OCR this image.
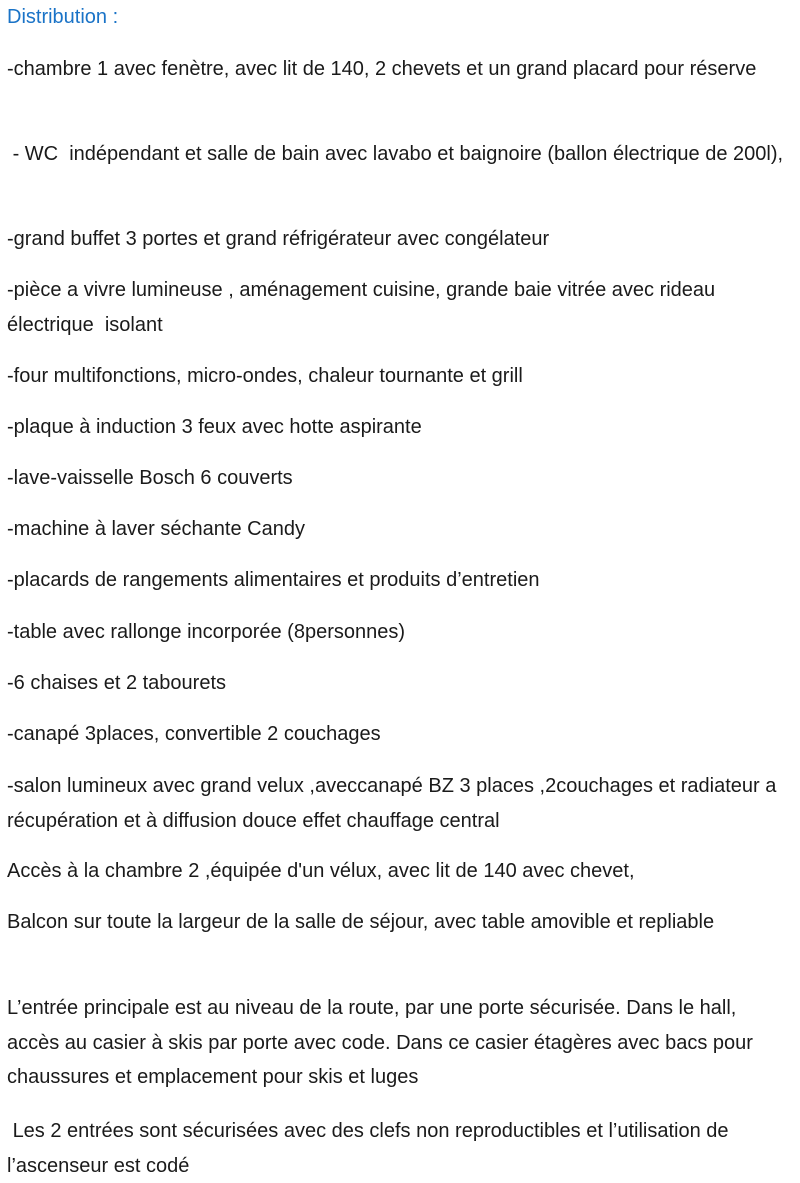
Distribution :
-chambre 1 avec fenètre, avec lit de 140, 2 chevets et un grand placard pour réserve
- WC  indépendant et salle de bain avec lavabo et baignoire (ballon électrique de 200l),
-grand buffet 3 portes et grand réfrigérateur avec congélateur
-pièce a vivre lumineuse , aménagement cuisine, grande baie vitrée avec rideau électrique  isolant
-four multifonctions, micro-ondes, chaleur tournante et grill
-plaque à induction 3 feux avec hotte aspirante
-lave-vaisselle Bosch 6 couverts
-machine à laver séchante Candy
-placards de rangements alimentaires et produits d’entretien
-table avec rallonge incorporée (8personnes)
-6 chaises et 2 tabourets
-canapé 3places, convertible 2 couchages
-salon lumineux avec grand velux ,aveccanapé BZ 3 places ,2couchages et radiateur a récupération et à diffusion douce effet chauffage central
Accès à la chambre 2 ,équipée d'un vélux, avec lit de 140 avec chevet,
Balcon sur toute la largeur de la salle de séjour, avec table amovible et repliable
L’entrée principale est au niveau de la route, par une porte sécurisée. Dans le hall, accès au casier à skis par porte avec code. Dans ce casier étagères avec bacs pour chaussures et emplacement pour skis et luges
Les 2 entrées sont sécurisées avec des clefs non reproductibles et l’utilisation de l’ascenseur est codé
